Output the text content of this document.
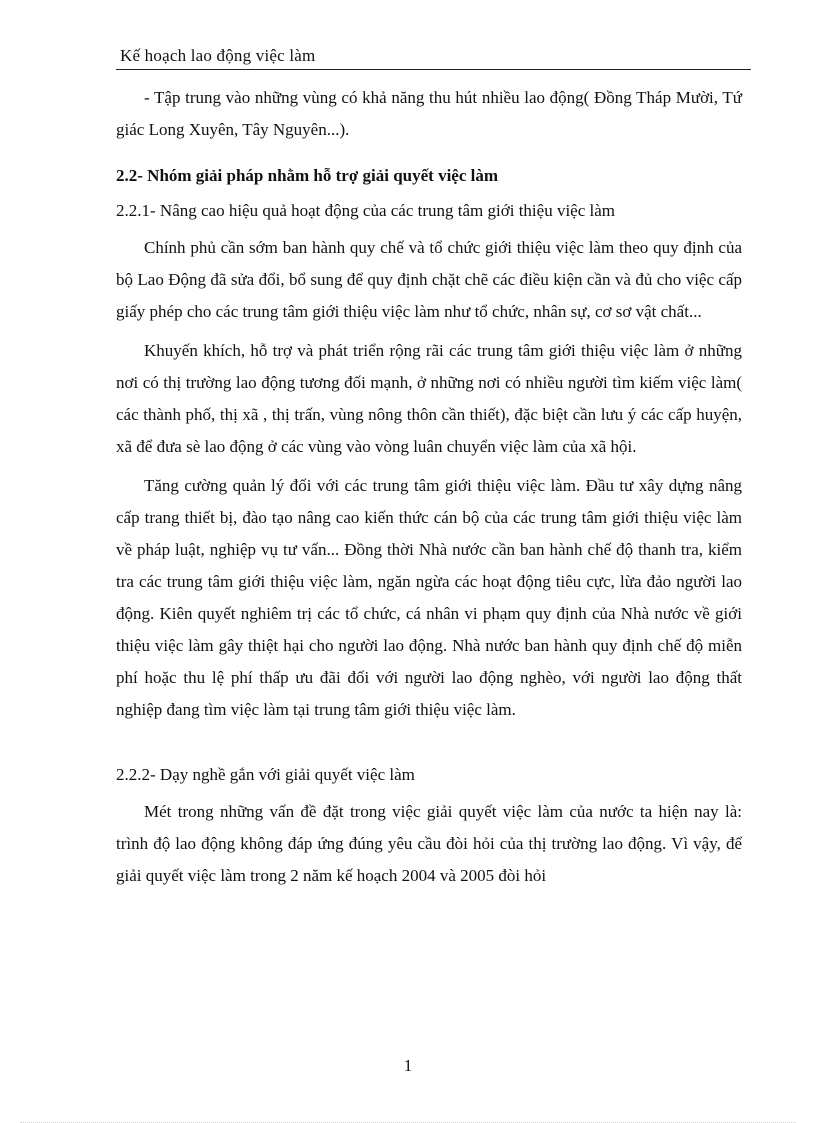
Kế hoạch lao động việc làm

- Tập trung vào những vùng có khả năng thu hút nhiều lao động( Đồng Tháp Mười, Tứ giác Long Xuyên, Tây Nguyên...).

2.2- Nhóm giải pháp nhằm hỗ trợ giải quyết việc làm

2.2.1- Nâng cao hiệu quả hoạt động của các trung tâm giới thiệu việc làm

Chính phủ cần sớm ban hành quy chế và tổ chức giới thiệu việc làm theo quy định của bộ Lao Động đã sửa đổi, bổ sung để quy định chặt chẽ các điều kiện cần và đủ cho việc cấp giấy phép cho các trung tâm giới thiệu việc làm như tổ chức, nhân sự, cơ sơ vật chất...

Khuyến khích, hỗ trợ và phát triển rộng rãi các trung tâm giới thiệu việc làm ở những nơi có thị trường lao động tương đối mạnh, ở những nơi có nhiều người tìm kiếm việc làm( các thành phố, thị xã , thị trấn, vùng nông thôn cần thiết), đặc biệt cần lưu ý các cấp huyện, xã để đưa sè lao động ở các vùng vào vòng luân chuyển việc làm của xã hội.

Tăng cường quản lý đối với các trung tâm giới thiệu việc làm. Đầu tư xây dựng nâng cấp trang thiết bị, đào tạo nâng cao kiến thức cán bộ của các trung tâm giới thiệu việc làm về pháp luật, nghiệp vụ tư vấn... Đồng thời Nhà nước cần ban hành chế độ thanh tra, kiểm tra các trung tâm giới thiệu việc làm, ngăn ngừa các hoạt động tiêu cực, lừa đảo người lao động. Kiên quyết nghiêm trị các tổ chức, cá nhân vi phạm quy định của Nhà nước về giới thiệu việc làm gây thiệt hại cho người lao động. Nhà nước ban hành quy định chế độ miễn phí hoặc thu lệ phí thấp ưu đãi đối với người lao động nghèo, với người lao động thất nghiệp đang tìm việc làm tại trung tâm giới thiệu việc làm.

2.2.2- Dạy nghề gắn với giải quyết việc làm

Mét trong những vấn đề đặt trong việc giải quyết việc làm của nước ta hiện nay là: trình độ lao động không đáp ứng đúng yêu cầu đòi hỏi của thị trường lao động. Vì vậy, để giải quyết việc làm trong 2 năm kế hoạch 2004 và 2005 đòi hỏi

1
